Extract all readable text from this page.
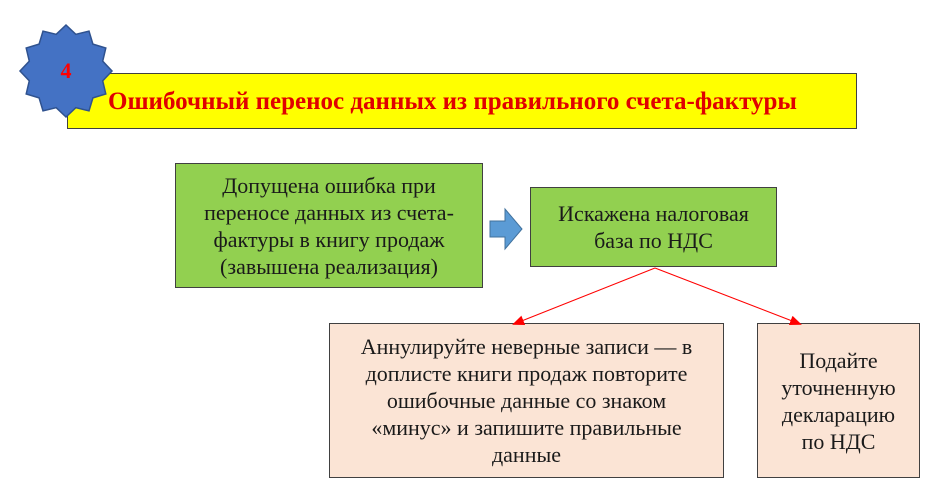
Ошибочный перенос данных из правильного счета-фактуры
4
Допущена ошибка при переносе данных из счета-фактуры в книгу продаж (завышена реализация)
Искажена налоговая база по НДС
Аннулируйте неверные записи — в доплисте книги продаж повторите ошибочные данные со знаком «минус» и запишите правильные данные
Подайте уточненную декларацию по НДС
